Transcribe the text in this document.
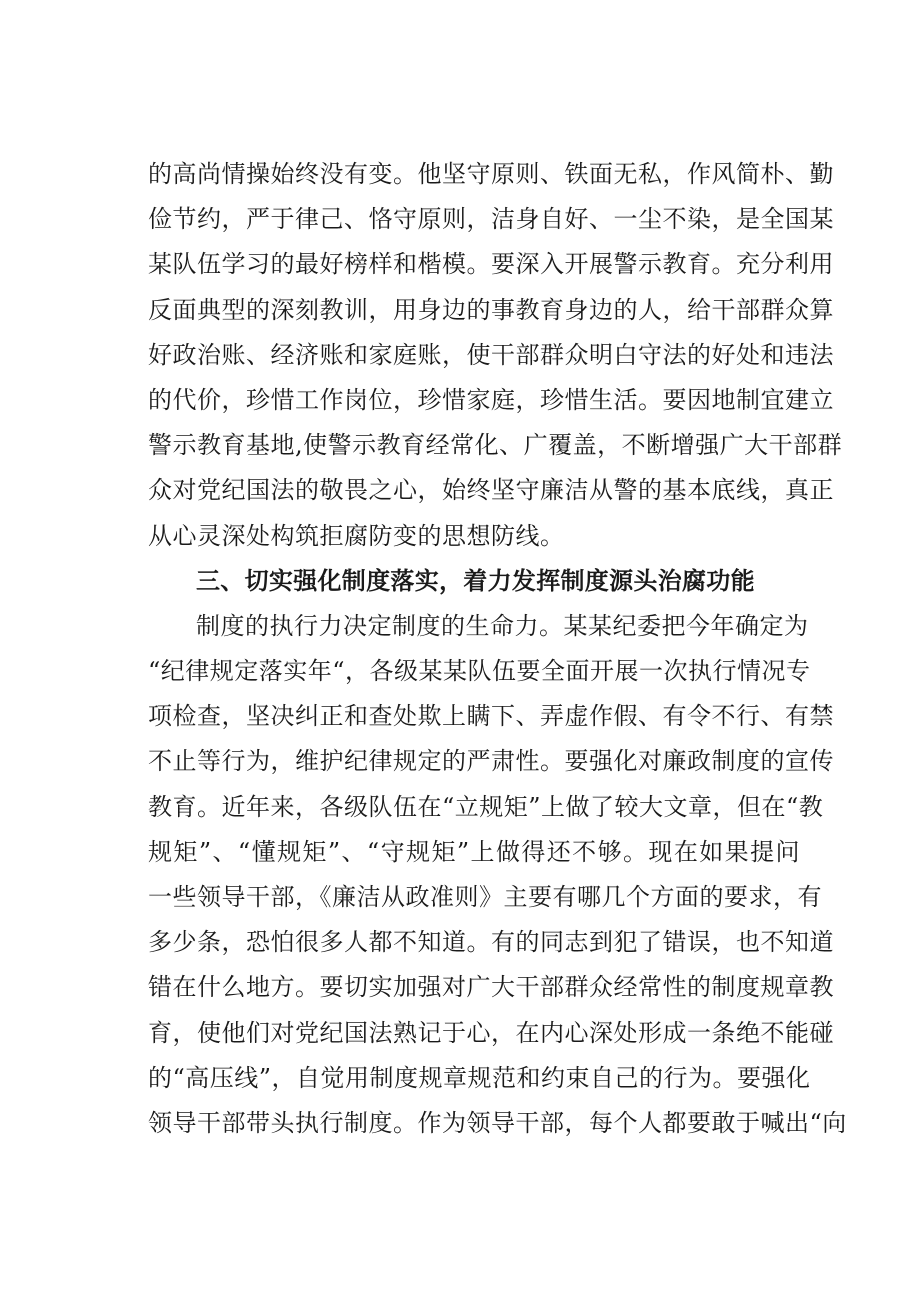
的高尚情操始终没有变。他坚守原则、铁面无私，作风简朴、勤
俭节约，严于律己、恪守原则，洁身自好、一尘不染，是全国某
某队伍学习的最好榜样和楷模。要深入开展警示教育。充分利用
反面典型的深刻教训，用身边的事教育身边的人，给干部群众算
好政治账、经济账和家庭账，使干部群众明白守法的好处和违法
的代价，珍惜工作岗位，珍惜家庭，珍惜生活。要因地制宜建立
警示教育基地,使警示教育经常化、广覆盖，不断增强广大干部群
众对党纪国法的敬畏之心，始终坚守廉洁从警的基本底线，真正
从心灵深处构筑拒腐防变的思想防线。
三、切实强化制度落实，着力发挥制度源头治腐功能
制度的执行力决定制度的生命力。某某纪委把今年确定为
“纪律规定落实年“，各级某某队伍要全面开展一次执行情况专
项检查，坚决纠正和查处欺上瞒下、弄虚作假、有令不行、有禁
不止等行为，维护纪律规定的严肃性。要强化对廉政制度的宣传
教育。近年来，各级队伍在“立规矩”上做了较大文章，但在“教
规矩”、“懂规矩”、“守规矩”上做得还不够。现在如果提问
一些领导干部，《廉洁从政准则》主要有哪几个方面的要求，有
多少条，恐怕很多人都不知道。有的同志到犯了错误，也不知道
错在什么地方。要切实加强对广大干部群众经常性的制度规章教
育，使他们对党纪国法熟记于心，在内心深处形成一条绝不能碰
的“高压线”，自觉用制度规章规范和约束自己的行为。要强化
领导干部带头执行制度。作为领导干部，每个人都要敢于喊出“向
